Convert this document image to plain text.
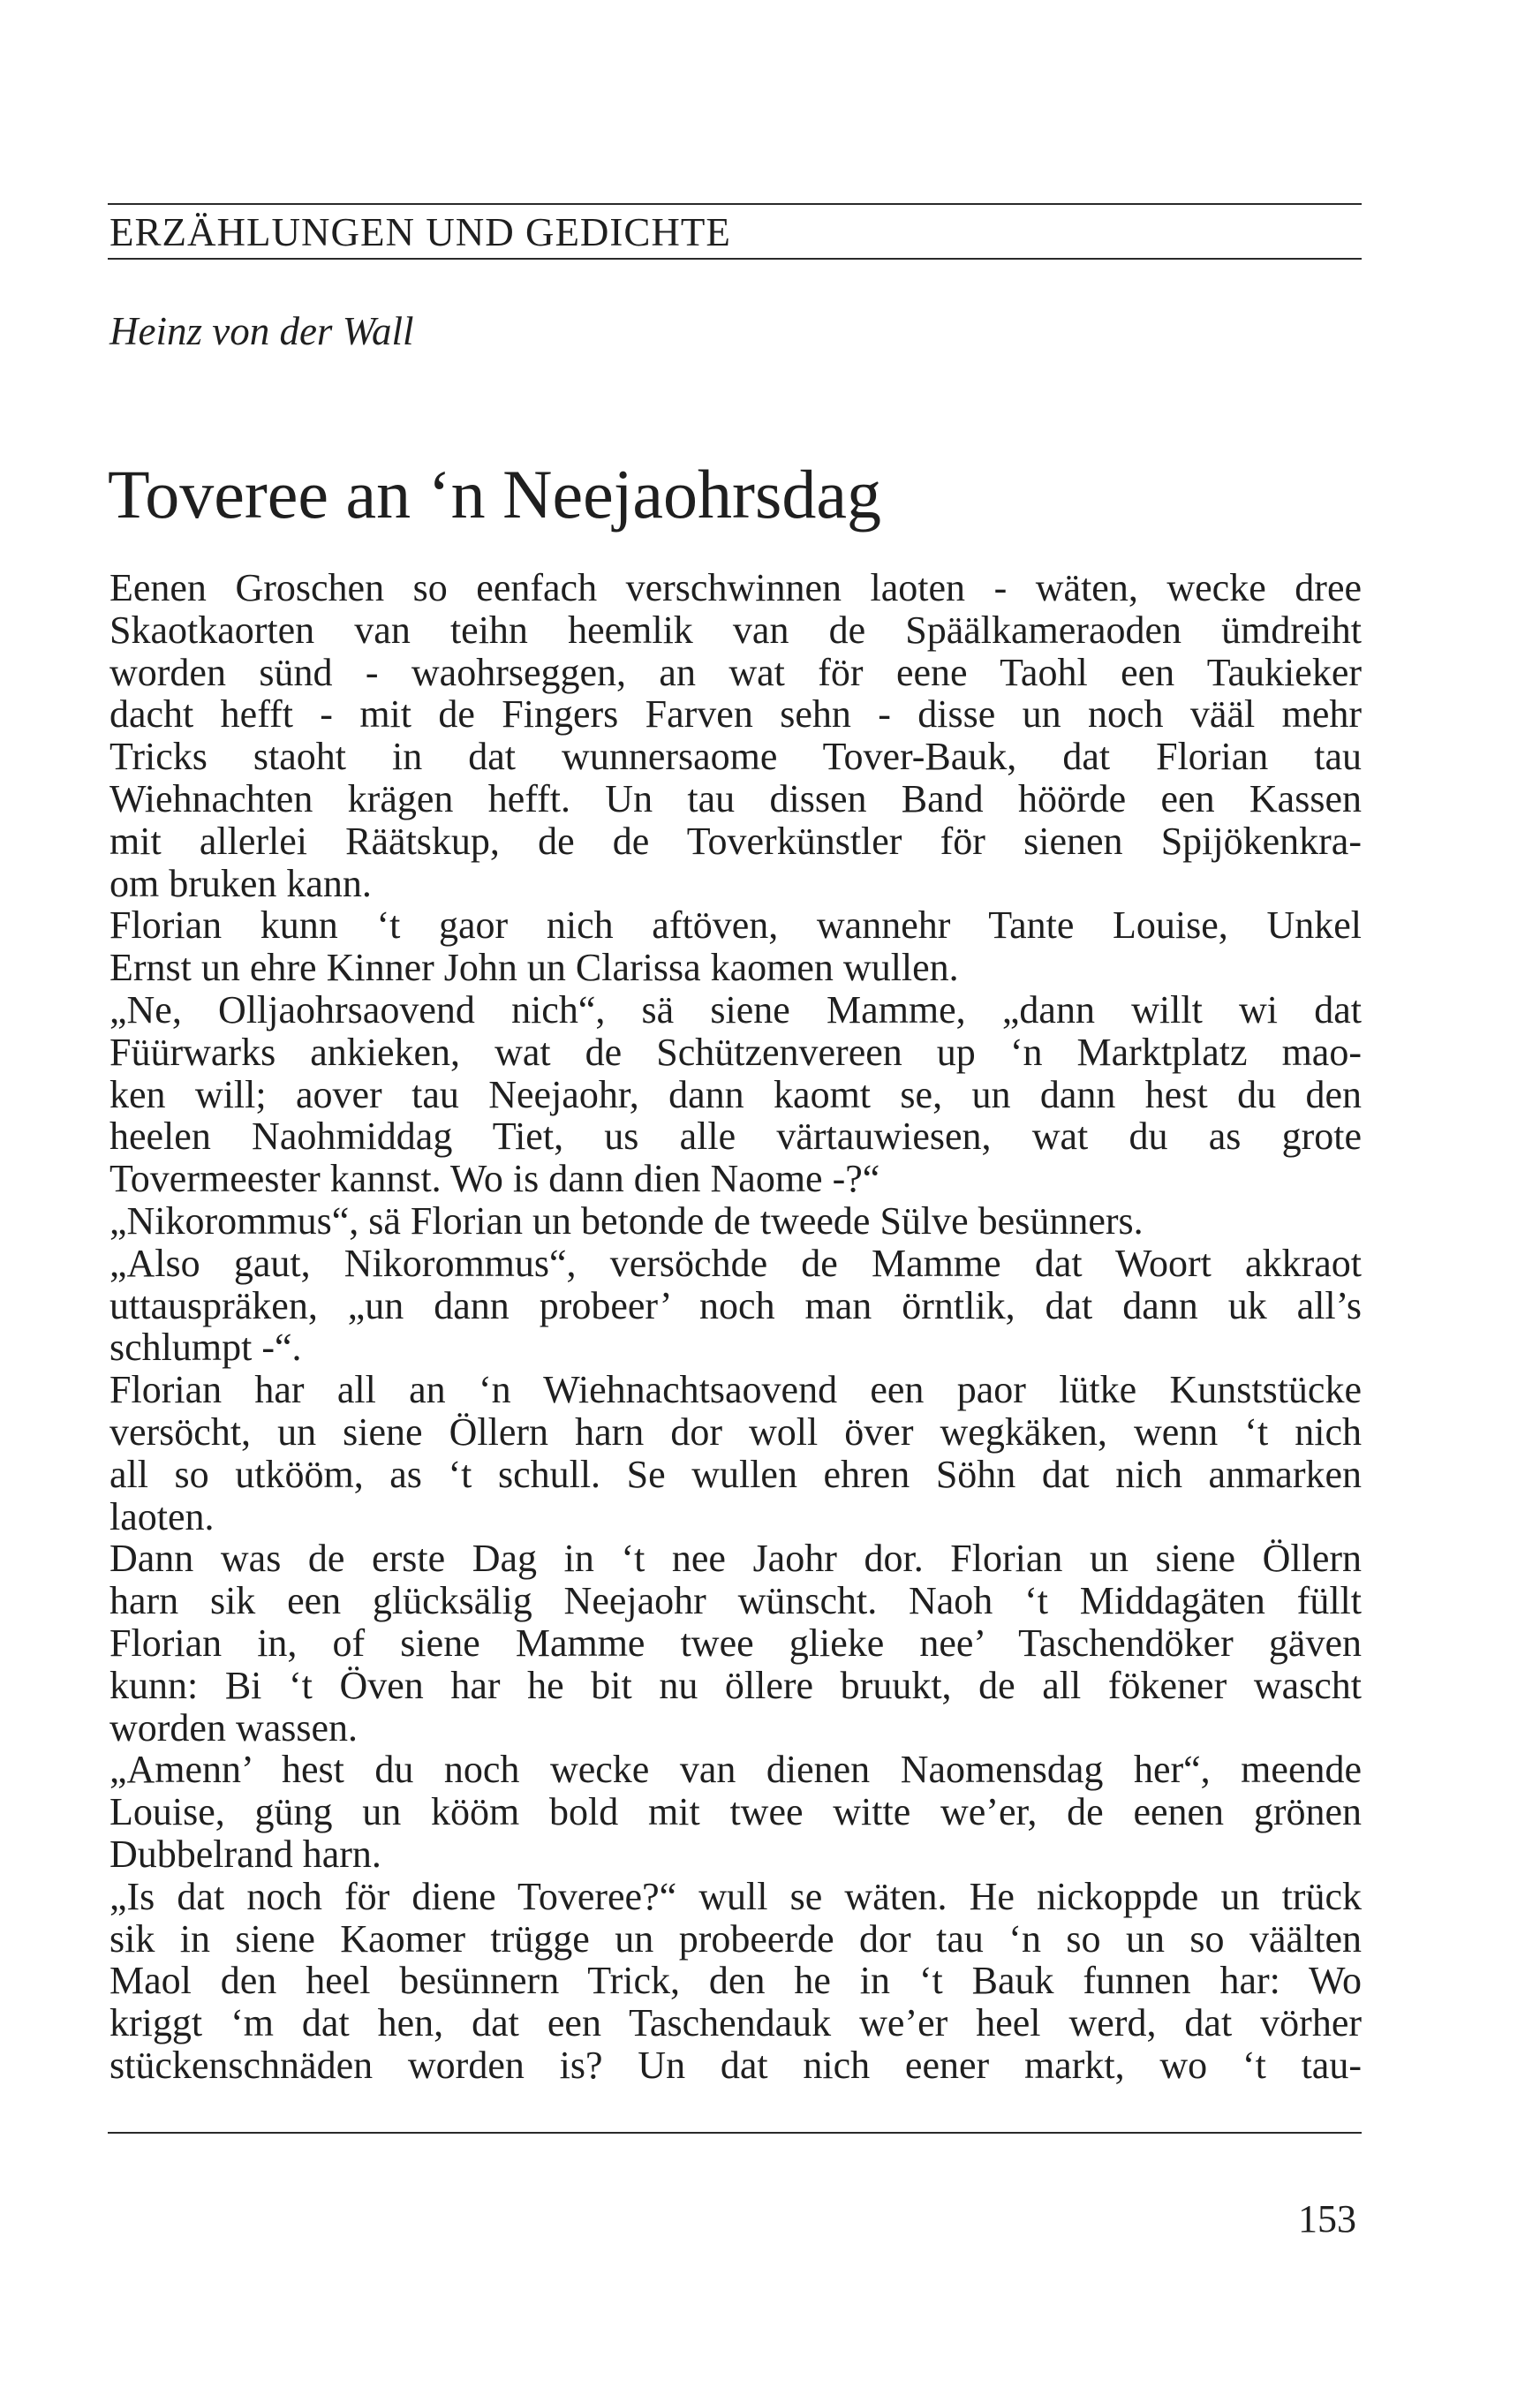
ERZÄHLUNGEN UND GEDICHTE
Heinz von der Wall
Toveree an ‘n Neejaohrsdag
Eenen Groschen so eenfach verschwinnen laoten - wäten, wecke dree
Skaotkaorten van teihn heemlik van de Späälkameraoden ümdreiht
worden sünd - waohrseggen, an wat för eene Taohl een Taukieker
dacht hefft - mit de Fingers Farven sehn - disse un noch vääl mehr
Tricks staoht in dat wunnersaome Tover-Bauk, dat Florian tau
Wiehnachten krägen hefft. Un tau dissen Band höörde een Kassen
mit allerlei Räätskup, de de Toverkünstler för sienen Spijökenkra-
om bruken kann.
Florian kunn ‘t gaor nich aftöven, wannehr Tante Louise, Unkel
Ernst un ehre Kinner John un Clarissa kaomen wullen.
„Ne, Olljaohrsaovend nich“, sä siene Mamme, „dann willt wi dat
Füürwarks ankieken, wat de Schützenvereen up ‘n Marktplatz mao-
ken will; aover tau Neejaohr, dann kaomt se, un dann hest du den
heelen Naohmiddag Tiet, us alle värtauwiesen, wat du as grote
Tovermeester kannst. Wo is dann dien Naome -?“
„Nikorommus“, sä Florian un betonde de tweede Sülve besünners.
„Also gaut, Nikorommus“, versöchde de Mamme dat Woort akkraot
uttauspräken, „un dann probeer’ noch man örntlik, dat dann uk all’s
schlumpt -“.
Florian har all an ‘n Wiehnachtsaovend een paor lütke Kunststücke
versöcht, un siene Öllern harn dor woll över wegkäken, wenn ‘t nich
all so utkööm, as ‘t schull. Se wullen ehren Söhn dat nich anmarken
laoten.
Dann was de erste Dag in ‘t nee Jaohr dor. Florian un siene Öllern
harn sik een glücksälig Neejaohr wünscht. Naoh ‘t Middagäten füllt
Florian in, of siene Mamme twee glieke nee’ Taschendöker gäven
kunn: Bi ‘t Öven har he bit nu öllere bruukt, de all fökener wascht
worden wassen.
„Amenn’ hest du noch wecke van dienen Naomensdag her“, meende
Louise, güng un kööm bold mit twee witte we’er, de eenen grönen
Dubbelrand harn.
„Is dat noch för diene Toveree?“ wull se wäten. He nickoppde un trück
sik in siene Kaomer trügge un probeerde dor tau ‘n so un so väälten
Maol den heel besünnern Trick, den he in ‘t Bauk funnen har: Wo
kriggt ‘m dat hen, dat een Taschendauk we’er heel werd, dat vörher
stückenschnäden worden is? Un dat nich eener markt, wo ‘t tau-
153
